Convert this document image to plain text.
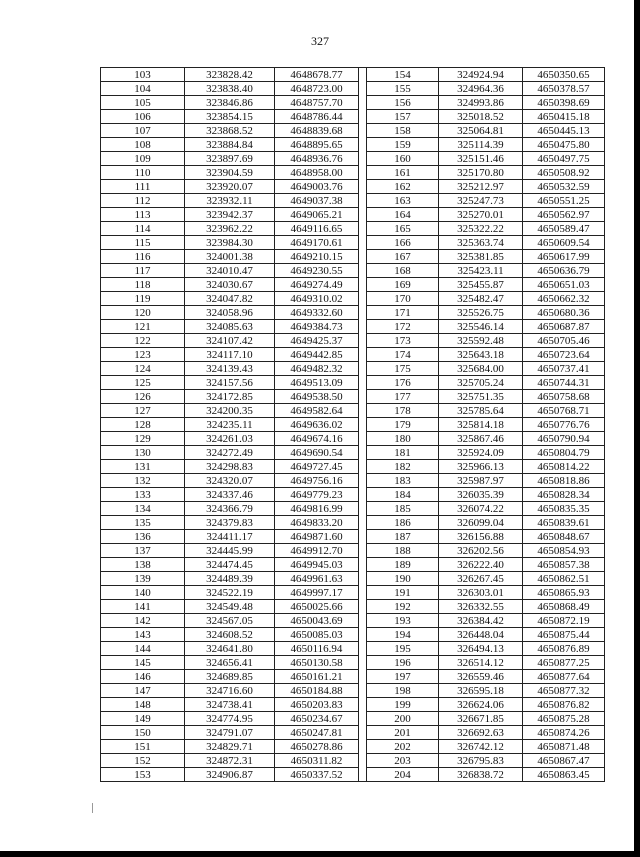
327
103	323828.42	4648678.77		154	324924.94	4650350.65
104	323838.40	4648723.00		155	324964.36	4650378.57
105	323846.86	4648757.70		156	324993.86	4650398.69
106	323854.15	4648786.44		157	325018.52	4650415.18
107	323868.52	4648839.68		158	325064.81	4650445.13
108	323884.84	4648895.65		159	325114.39	4650475.80
109	323897.69	4648936.76		160	325151.46	4650497.75
110	323904.59	4648958.00		161	325170.80	4650508.92
111	323920.07	4649003.76		162	325212.97	4650532.59
112	323932.11	4649037.38		163	325247.73	4650551.25
113	323942.37	4649065.21		164	325270.01	4650562.97
114	323962.22	4649116.65		165	325322.22	4650589.47
115	323984.30	4649170.61		166	325363.74	4650609.54
116	324001.38	4649210.15		167	325381.85	4650617.99
117	324010.47	4649230.55		168	325423.11	4650636.79
118	324030.67	4649274.49		169	325455.87	4650651.03
119	324047.82	4649310.02		170	325482.47	4650662.32
120	324058.96	4649332.60		171	325526.75	4650680.36
121	324085.63	4649384.73		172	325546.14	4650687.87
122	324107.42	4649425.37		173	325592.48	4650705.46
123	324117.10	4649442.85		174	325643.18	4650723.64
124	324139.43	4649482.32		175	325684.00	4650737.41
125	324157.56	4649513.09		176	325705.24	4650744.31
126	324172.85	4649538.50		177	325751.35	4650758.68
127	324200.35	4649582.64		178	325785.64	4650768.71
128	324235.11	4649636.02		179	325814.18	4650776.76
129	324261.03	4649674.16		180	325867.46	4650790.94
130	324272.49	4649690.54		181	325924.09	4650804.79
131	324298.83	4649727.45		182	325966.13	4650814.22
132	324320.07	4649756.16		183	325987.97	4650818.86
133	324337.46	4649779.23		184	326035.39	4650828.34
134	324366.79	4649816.99		185	326074.22	4650835.35
135	324379.83	4649833.20		186	326099.04	4650839.61
136	324411.17	4649871.60		187	326156.88	4650848.67
137	324445.99	4649912.70		188	326202.56	4650854.93
138	324474.45	4649945.03		189	326222.40	4650857.38
139	324489.39	4649961.63		190	326267.45	4650862.51
140	324522.19	4649997.17		191	326303.01	4650865.93
141	324549.48	4650025.66		192	326332.55	4650868.49
142	324567.05	4650043.69		193	326384.42	4650872.19
143	324608.52	4650085.03		194	326448.04	4650875.44
144	324641.80	4650116.94		195	326494.13	4650876.89
145	324656.41	4650130.58		196	326514.12	4650877.25
146	324689.85	4650161.21		197	326559.46	4650877.64
147	324716.60	4650184.88		198	326595.18	4650877.32
148	324738.41	4650203.83		199	326624.06	4650876.82
149	324774.95	4650234.67		200	326671.85	4650875.28
150	324791.07	4650247.81		201	326692.63	4650874.26
151	324829.71	4650278.86		202	326742.12	4650871.48
152	324872.31	4650311.82		203	326795.83	4650867.47
153	324906.87	4650337.52		204	326838.72	4650863.45
